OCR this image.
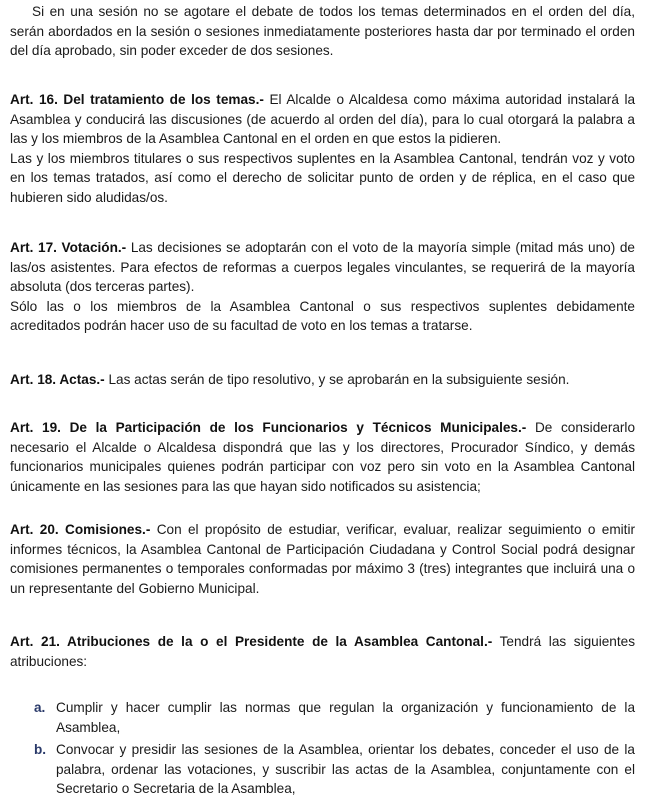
Si en una sesión no se agotare el debate de todos los temas determinados en el orden del día, serán abordados en la sesión o sesiones inmediatamente posteriores hasta dar por terminado el orden del día aprobado, sin poder exceder de dos sesiones.

Art. 16. Del tratamiento de los temas.- El Alcalde o Alcaldesa como máxima autoridad instalará la Asamblea y conducirá las discusiones (de acuerdo al orden del día), para lo cual otorgará la palabra a las y los miembros de la Asamblea Cantonal en el orden en que estos la pidieren.

Las y los miembros titulares o sus respectivos suplentes en la Asamblea Cantonal, tendrán voz y voto en los temas tratados, así como el derecho de solicitar punto de orden y de réplica, en el caso que hubieren sido aludidas/os.

Art. 17. Votación.- Las decisiones se adoptarán con el voto de la mayoría simple (mitad más uno) de las/os asistentes. Para efectos de reformas a cuerpos legales vinculantes, se requerirá de la mayoría absoluta (dos terceras partes).

Sólo las o los miembros de la Asamblea Cantonal o sus respectivos suplentes debidamente acreditados podrán hacer uso de su facultad de voto en los temas a tratarse.

Art. 18. Actas.- Las actas serán de tipo resolutivo, y se aprobarán en la subsiguiente sesión.

Art. 19. De la Participación de los Funcionarios y Técnicos Municipales.- De considerarlo necesario el Alcalde o Alcaldesa dispondrá que las y los directores, Procurador Síndico, y demás funcionarios municipales quienes podrán participar con voz pero sin voto en la Asamblea Cantonal únicamente en las sesiones para las que hayan sido notificados su asistencia;

Art. 20. Comisiones.- Con el propósito de estudiar, verificar, evaluar, realizar seguimiento o emitir informes técnicos, la Asamblea Cantonal de Participación Ciudadana y Control Social podrá designar comisiones permanentes o temporales conformadas por máximo 3 (tres) integrantes que incluirá una o un representante del Gobierno Municipal.

Art. 21. Atribuciones de la o el Presidente de la Asamblea Cantonal.- Tendrá las siguientes atribuciones:

a. Cumplir y hacer cumplir las normas que regulan la organización y funcionamiento de la Asamblea,
b. Convocar y presidir las sesiones de la Asamblea, orientar los debates, conceder el uso de la palabra, ordenar las votaciones, y suscribir las actas de la Asamblea, conjuntamente con el Secretario o Secretaria de la Asamblea,
